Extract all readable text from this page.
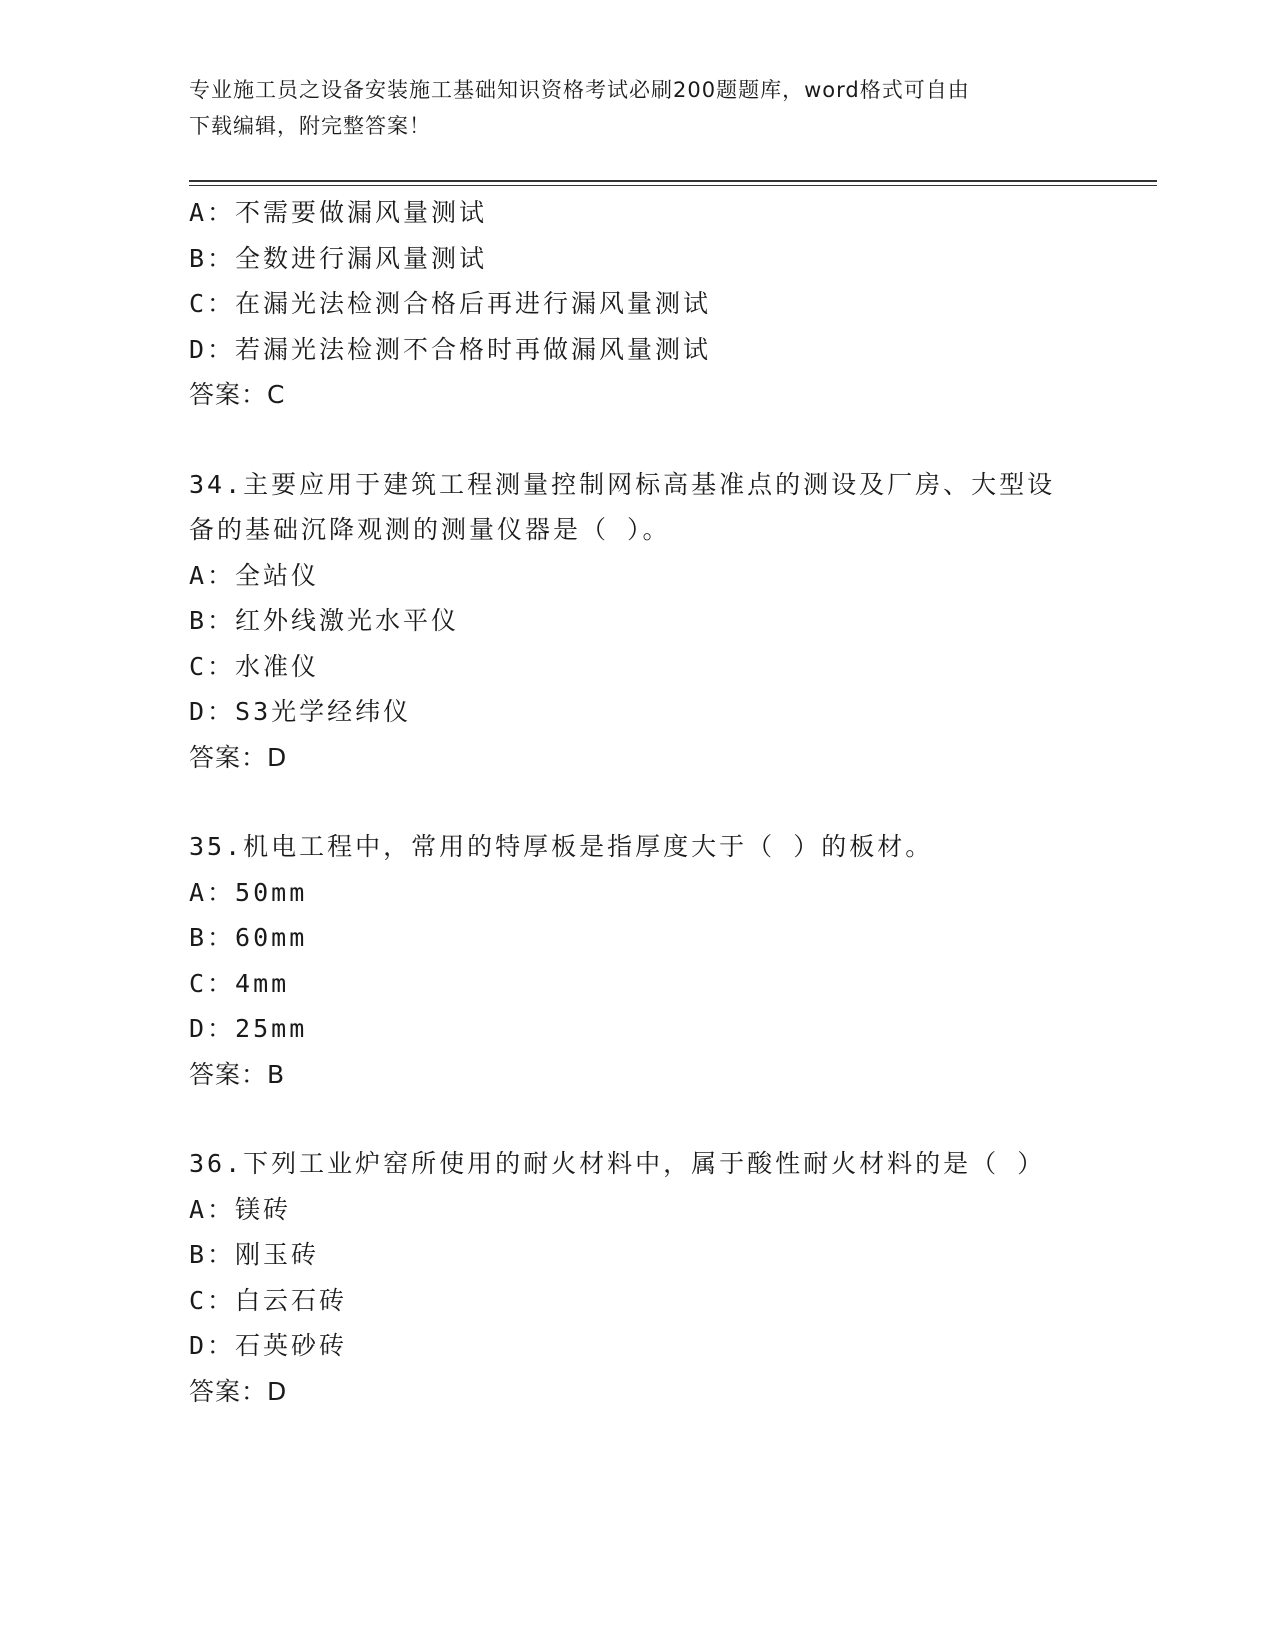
专业施工员之设备安装施工基础知识资格考试必刷200题题库，word格式可自由
下载编辑，附完整答案！
A：不需要做漏风量测试
B：全数进行漏风量测试
C：在漏光法检测合格后再进行漏风量测试
D：若漏光法检测不合格时再做漏风量测试
答案：C
34.主要应用于建筑工程测量控制网标高基准点的测设及厂房、大型设
备的基础沉降观测的测量仪器是（ ）。
A：全站仪
B：红外线激光水平仪
C：水准仪
D：S3光学经纬仪
答案：D
35.机电工程中，常用的特厚板是指厚度大于（ ）的板材。
A：50mm
B：60mm
C：4mm
D：25mm
答案：B
36.下列工业炉窑所使用的耐火材料中，属于酸性耐火材料的是（ ）
A：镁砖
B：刚玉砖
C：白云石砖
D：石英砂砖
答案：D
